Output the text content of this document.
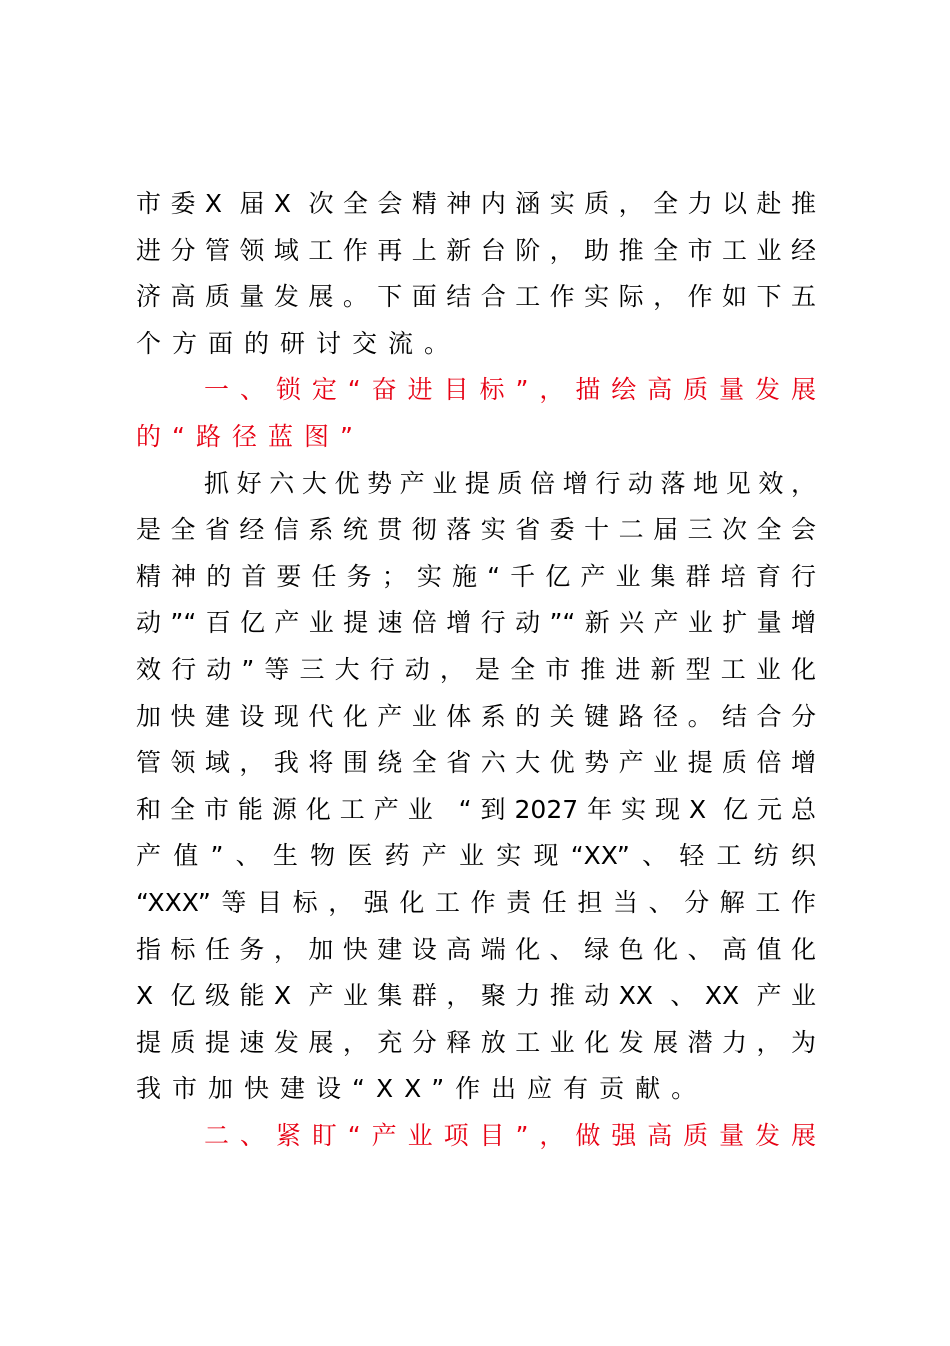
市委X 届X 次全会精神内涵实质，全力以赴推
进分管领域工作再上新台阶，助推全市工业经
济高质量发展。下面结合工作实际，作如下五
个方面的研讨交流。
一、锁定“奋进目标”，描绘高质量发展
的“路径蓝图”
抓好六大优势产业提质倍增行动落地见效，
是全省经信系统贯彻落实省委十二届三次全会
精神的首要任务；实施“千亿产业集群培育行
动”“百亿产业提速倍增行动”“新兴产业扩量增
效行动”等三大行动，是全市推进新型工业化
加快建设现代化产业体系的关键路径。结合分
管领域，我将围绕全省六大优势产业提质倍增
和全市能源化工产业 “到2027年实现X 亿元总
产值”、生物医药产业实现“XX”、轻工纺织
“XXX”等目标，强化工作责任担当、分解工作
指标任务，加快建设高端化、绿色化、高值化
X 亿级能X 产业集群，聚力推动XX 、XX 产业
提质提速发展，充分释放工业化发展潜力，为
我市加快建设“XX”作出应有贡献。
二、紧盯“产业项目”，做强高质量发展
